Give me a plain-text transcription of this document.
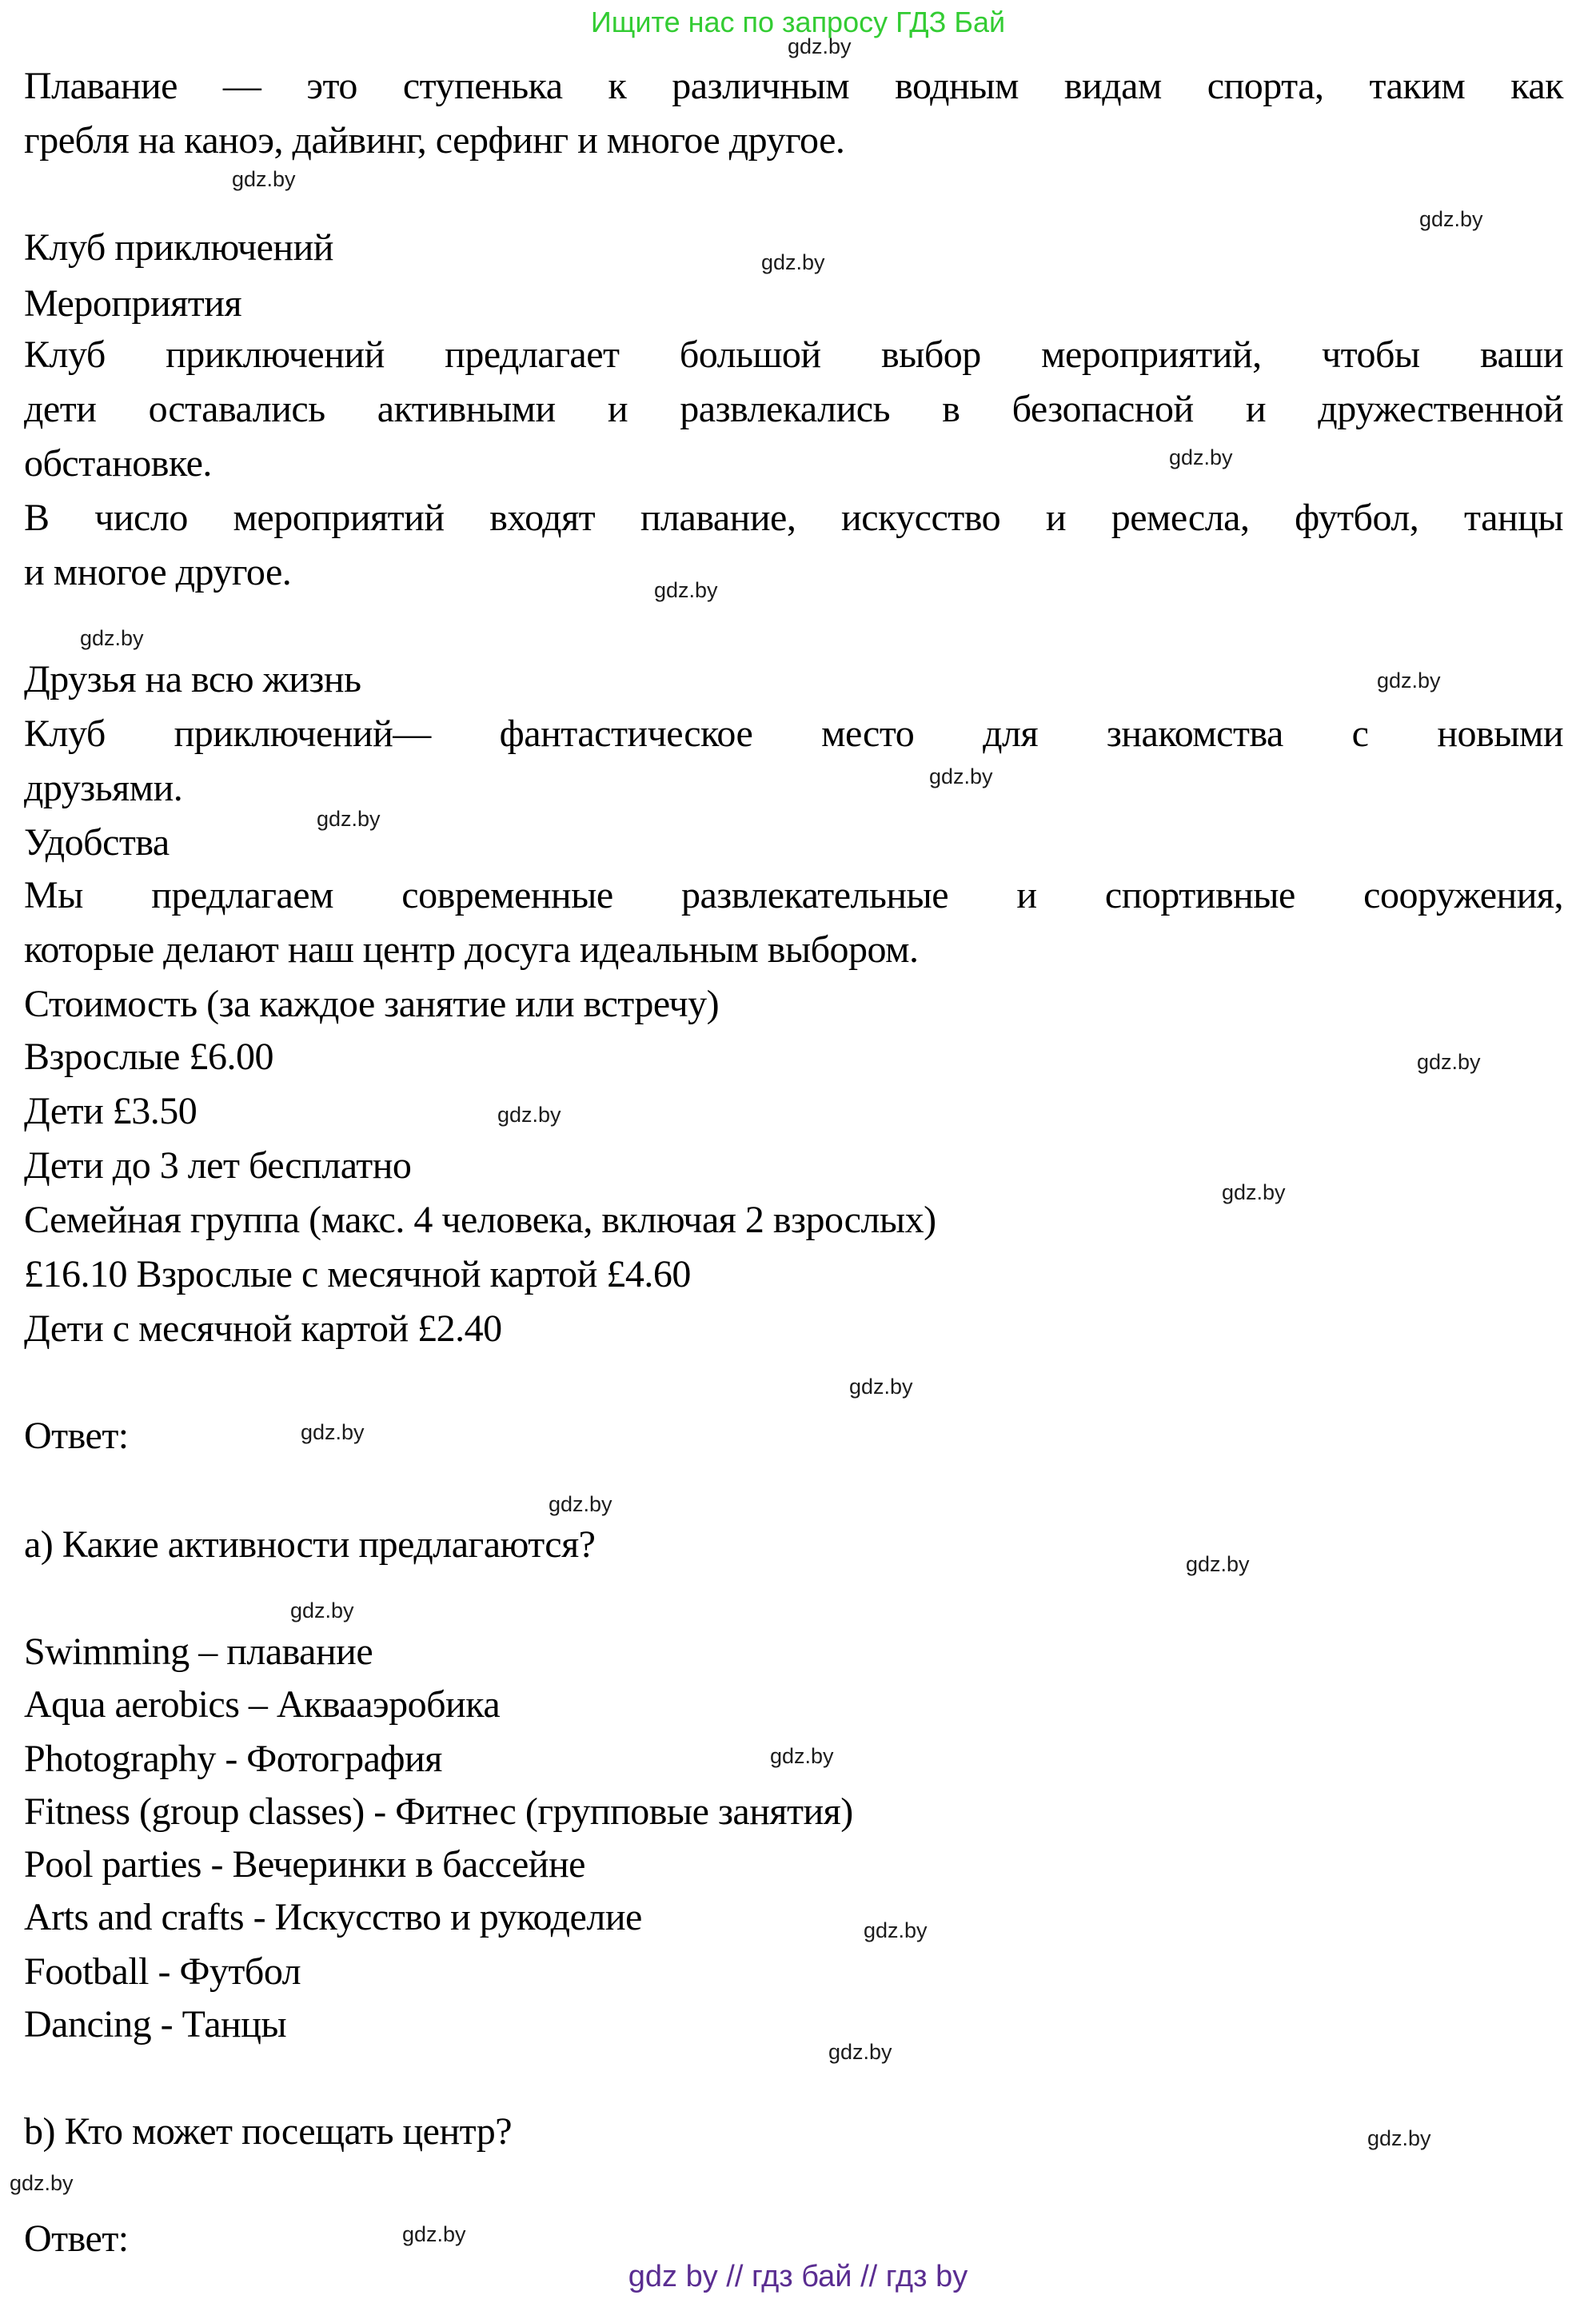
Ищите нас по запросу ГДЗ Бай
Плавание — это ступенька к различным водным видам спорта, таким как
гребля на каноэ, дайвинг, серфинг и многое другое.
Клуб приключений
Мероприятия
Клуб приключений предлагает большой выбор мероприятий, чтобы ваши
дети оставались активными и развлекались в безопасной и дружественной
обстановке.
В число мероприятий входят плавание, искусство и ремесла, футбол, танцы
и многое другое.
Друзья на всю жизнь
Клуб приключений— фантастическое место для знакомства с новыми
друзьями.
Удобства
Мы предлагаем современные развлекательные и спортивные сооружения,
которые делают наш центр досуга идеальным выбором.
Стоимость (за каждое занятие или встречу)
Взрослые £6.00
Дети £3.50
Дети до 3 лет бесплатно
Семейная группа (макс. 4 человека, включая 2 взрослых)
£16.10 Взрослые с месячной картой £4.60
Дети с месячной картой £2.40
Ответ:
a) Какие активности предлагаются?
Swimming – плавание
Aqua aerobics – Аквааэробика
Photography - Фотография
Fitness (group classes) - Фитнес (групповые занятия)
Pool parties - Вечеринки в бассейне
Arts and crafts - Искусство и рукоделие
Football - Футбол
Dancing - Танцы
b) Кто может посещать центр?
Ответ:
gdz.by
gdz.by
gdz.by
gdz.by
gdz.by
gdz.by
gdz.by
gdz.by
gdz.by
gdz.by
gdz.by
gdz.by
gdz.by
gdz.by
gdz.by
gdz.by
gdz.by
gdz.by
gdz.by
gdz.by
gdz.by
gdz.by
gdz.by
gdz.by
gdz by // гдз бай // гдз by
